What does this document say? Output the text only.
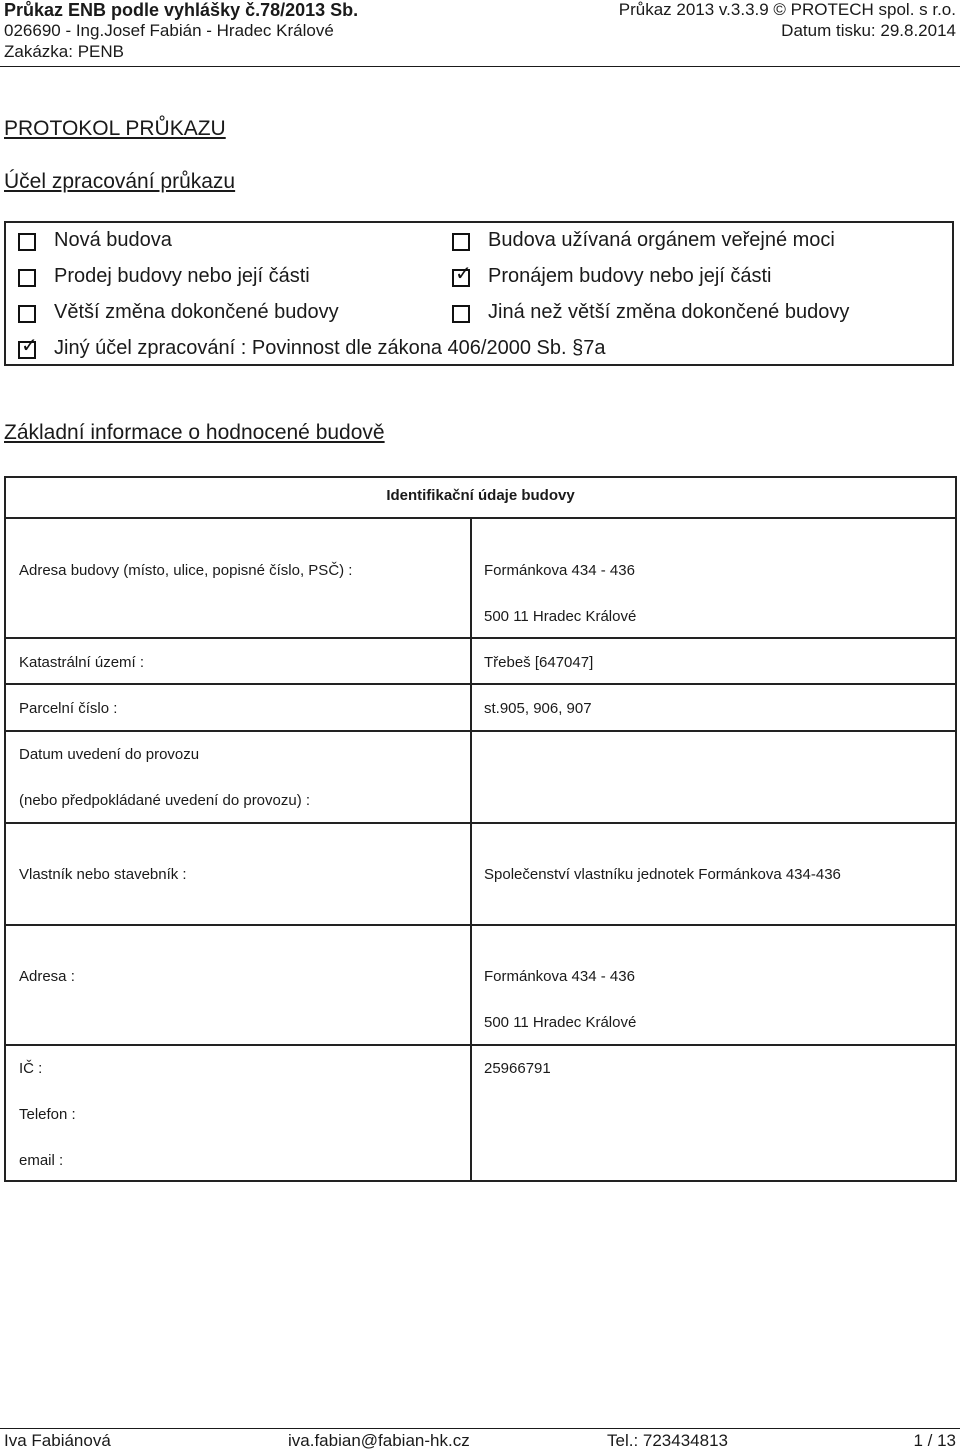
Průkaz ENB podle vyhlášky č.78/2013 Sb.
026690 - Ing.Josef Fabián - Hradec Králové
Zakázka: PENB
Průkaz 2013 v.3.3.9 © PROTECH spol. s r.o.
Datum tisku: 29.8.2014
PROTOKOL PRŮKAZU
Účel zpracování průkazu
Nová budova	Budova užívaná orgánem veřejné moci
Prodej budovy nebo její části	✓ Pronájem budovy nebo její části
Větší změna dokončené budovy	Jiná než větší změna dokončené budovy
✓ Jiný účel zpracování : Povinnost dle zákona 406/2000 Sb. §7a
Základní informace o hodnocené budově
Identifikační údaje budovy
Adresa budovy (místo, ulice, popisné číslo, PSČ) :	Formánkova 434 - 436
500 11 Hradec Králové
Katastrální území :	Třebeš [647047]
Parcelní číslo :	st.905, 906, 907
Datum uvedení do provozu
(nebo předpokládané uvedení do provozu) :
Vlastník nebo stavebník :	Společenství vlastníku jednotek Formánkova 434-436
Adresa :	Formánkova 434 - 436
500 11 Hradec Králové
IČ :	25966791
Telefon :
email :
Iva Fabiánová	iva.fabian@fabian-hk.cz	Tel.: 723434813	1 / 13
